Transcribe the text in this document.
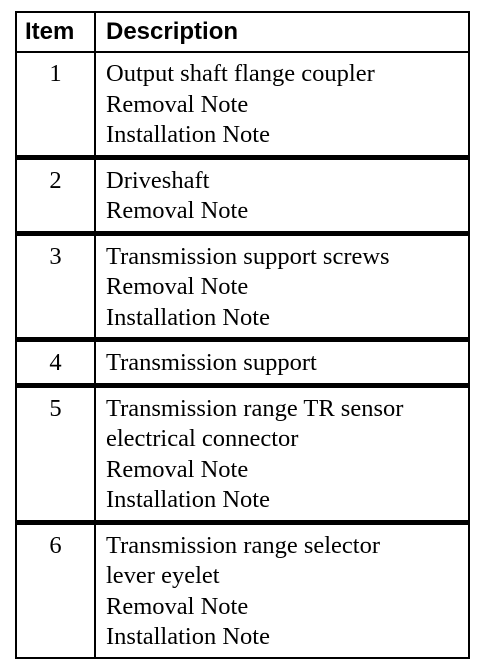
Item	Description
1	Output shaft flange coupler
Removal Note
Installation Note

2	Driveshaft
Removal Note

3	Transmission support screws
Removal Note
Installation Note

4	Transmission support

5	Transmission range TR sensor
electrical connector
Removal Note
Installation Note

6	Transmission range selector
lever eyelet
Removal Note
Installation Note
